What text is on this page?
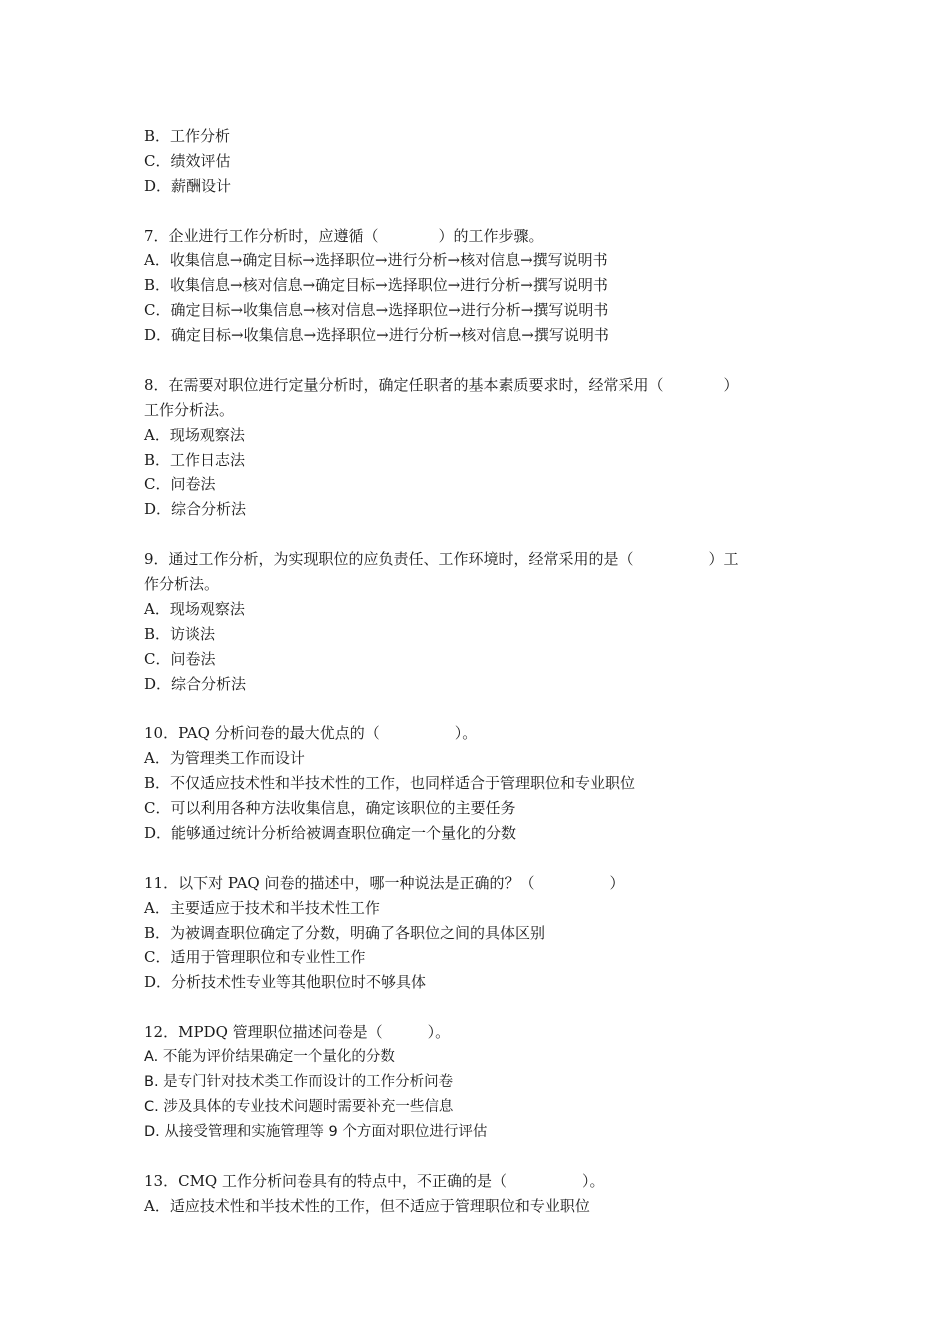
B．工作分析
C．绩效评估
D．薪酬设计
7．企业进行工作分析时，应遵循（　　　　）的工作步骤。
A．收集信息→确定目标→选择职位→进行分析→核对信息→撰写说明书
B．收集信息→核对信息→确定目标→选择职位→进行分析→撰写说明书
C．确定目标→收集信息→核对信息→选择职位→进行分析→撰写说明书
D．确定目标→收集信息→选择职位→进行分析→核对信息→撰写说明书
8．在需要对职位进行定量分析时，确定任职者的基本素质要求时，经常采用（　　　　）
工作分析法。
A．现场观察法
B．工作日志法
C．问卷法
D．综合分析法
9．通过工作分析，为实现职位的应负责任、工作环境时，经常采用的是（　　　　　）工
作分析法。
A．现场观察法
B．访谈法
C．问卷法
D．综合分析法
10．PAQ 分析问卷的最大优点的（　　　　　）。
A．为管理类工作而设计
B．不仅适应技术性和半技术性的工作，也同样适合于管理职位和专业职位
C．可以利用各种方法收集信息，确定该职位的主要任务
D．能够通过统计分析给被调查职位确定一个量化的分数
11．以下对 PAQ 问卷的描述中，哪一种说法是正确的？（　　　　　）
A．主要适应于技术和半技术性工作
B．为被调查职位确定了分数，明确了各职位之间的具体区别
C．适用于管理职位和专业性工作
D．分析技术性专业等其他职位时不够具体
12．MPDQ 管理职位描述问卷是（　　　）。
A. 不能为评价结果确定一个量化的分数
B. 是专门针对技术类工作而设计的工作分析问卷
C. 涉及具体的专业技术问题时需要补充一些信息
D. 从接受管理和实施管理等 9 个方面对职位进行评估
13．CMQ 工作分析问卷具有的特点中，不正确的是（　　　　　）。
A．适应技术性和半技术性的工作，但不适应于管理职位和专业职位
